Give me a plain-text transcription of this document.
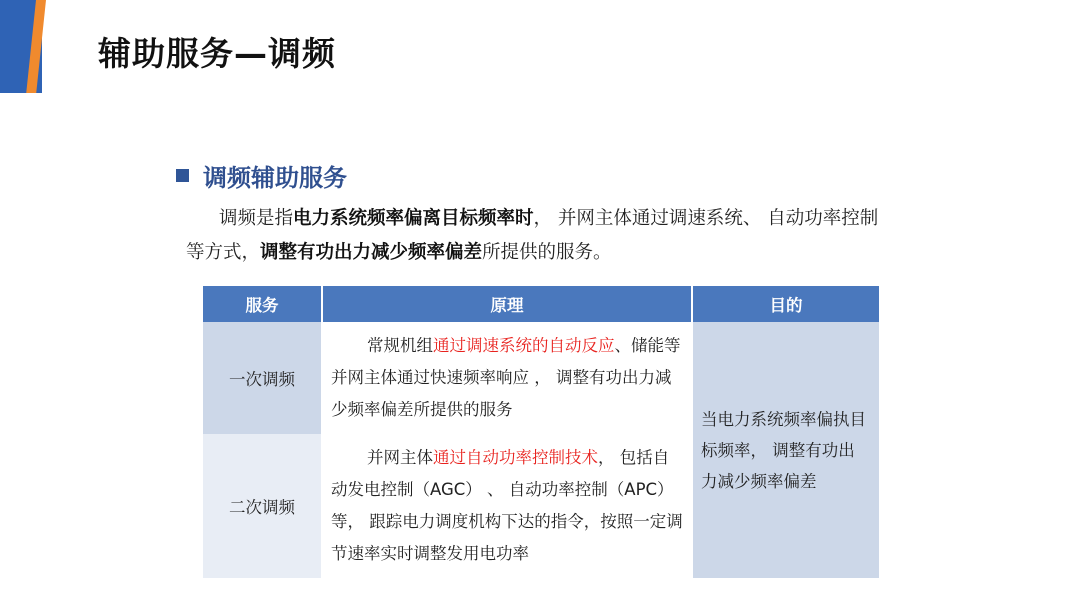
辅助服务—调频
调频辅助服务
调频是指电力系统频率偏离目标频率时， 并网主体通过调速系统、 自动功率控制等方式，调整有功出力减少频率偏差所提供的服务。
服务	原理	目的
一次调频	常规机组通过调速系统的自动反应、储能等并网主体通过快速频率响应 ， 调整有功出力减少频率偏差所提供的服务	当电力系统频率偏执目标频率， 调整有功出力减少频率偏差
二次调频	并网主体通过自动功率控制技术， 包括自动发电控制（AGC） 、 自动功率控制（APC）等， 跟踪电力调度机构下达的指令，按照一定调节速率实时调整发用电功率	
